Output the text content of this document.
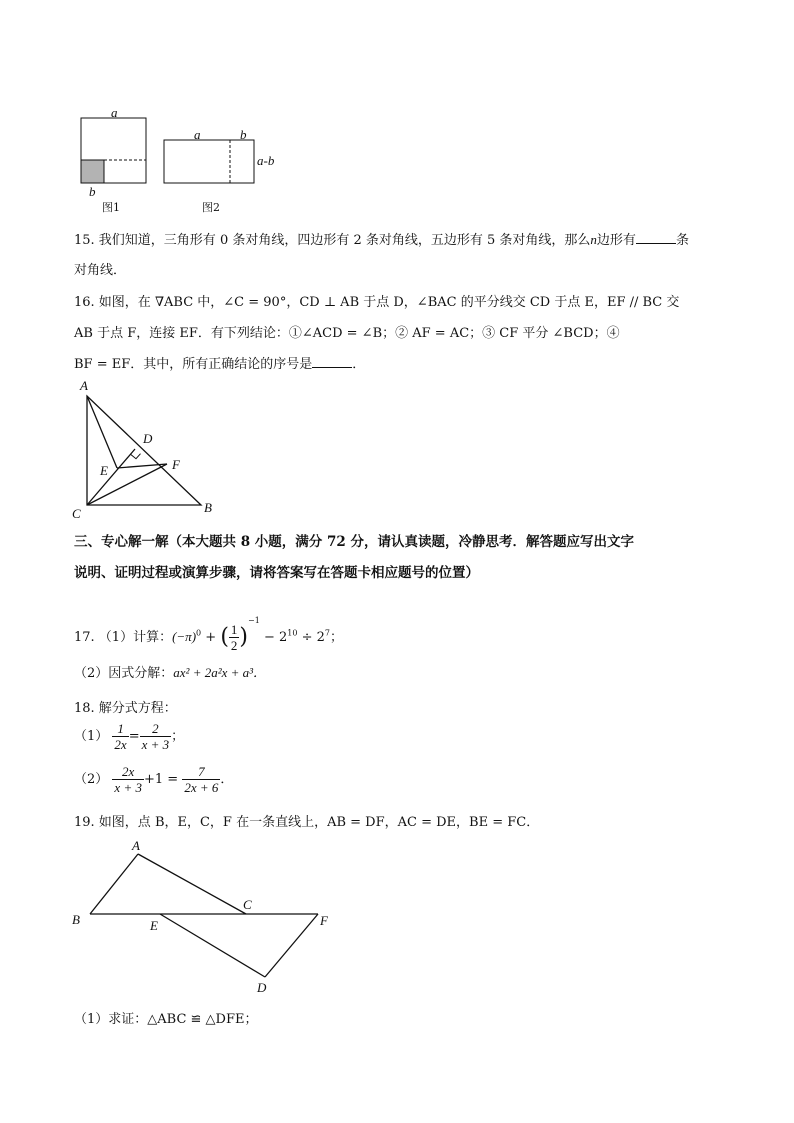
a
b
图1
a	b
a-b
图2
15. 我们知道，三角形有 0 条对角线，四边形有 2 条对角线，五边形有 5 条对角线，那么n边形有	条
对角线．
16. 如图，在 ∇ABC 中，∠C = 90°，CD ⊥ AB 于点 D，∠BAC 的平分线交 CD 于点 E，EF // BC 交
AB 于点 F，连接 EF．有下列结论：①∠ACD = ∠B；② AF = AC；③ CF 平分 ∠BCD；④
BF = EF．其中，所有正确结论的序号是	．
A
C	B
D
E	F
三、专心解一解（本大题共 8 小题，满分 72 分，请认真读题，冷静思考．解答题应写出文字
说明、证明过程或演算步骤，请将答案写在答题卡相应题号的位置）
17. （1）计算：$(-\pi)^0$ + ( $\frac{1}{2} )^{-1} - 2^{10} \div 2^7$；
（2）因式分解：ax² + 2a²x + a³．
18. 解分式方程：
$(1) \frac{1}{2x} = \frac{2}{x + 3}$ ；
$(2) \frac{2x}{x + 3} +1 = \frac{7}{2x + 6}$ ．
19. 如图，点 B，E，C，F 在一条直线上，AB = DF，AC = DE，BE = FC．
A
B
C
E	F
D
（1）求证：△ABC ≌ △DFE；
